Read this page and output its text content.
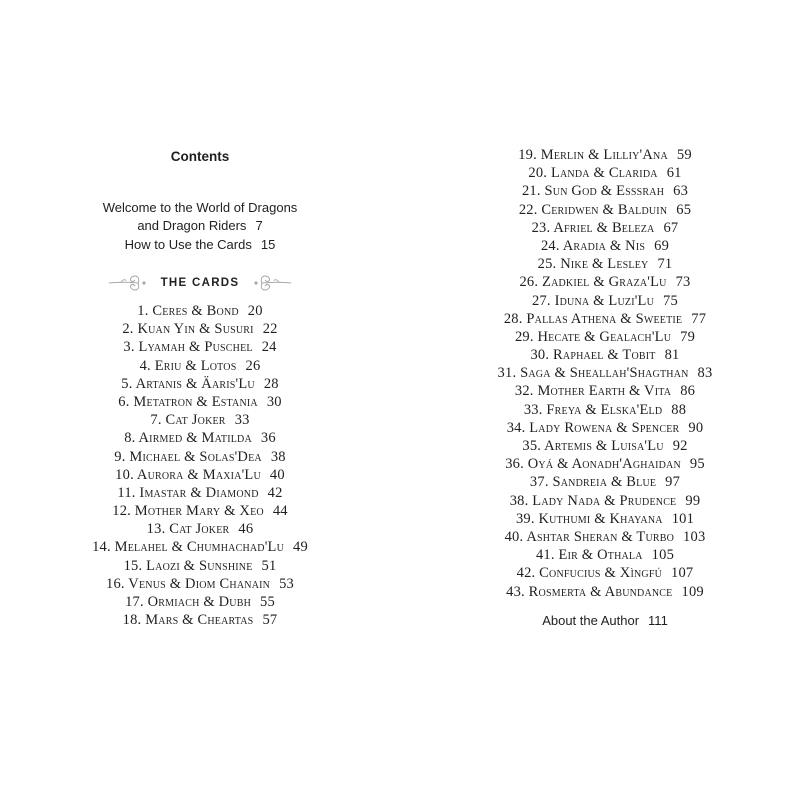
Contents
Welcome to the World of Dragons
and Dragon Riders 7
How to Use the Cards 15
THE CARDS
1. Ceres & Bond 20
2. Kuan Yin & Susuri 22
3. Lyamah & Puschel 24
4. Eriu & Lotos 26
5. Artanis & Äaris'Lu 28
6. Metatron & Estania 30
7. Cat Joker 33
8. Airmed & Matilda 36
9. Michael & Solas'Dea 38
10. Aurora & Maxia'Lu 40
11. Imastar & Diamond 42
12. Mother Mary & Xeo 44
13. Cat Joker 46
14. Melahel & Chumhachad'Lu 49
15. Laozi & Sunshine 51
16. Venus & Diom Chanain 53
17. Ormiach & Dubh 55
18. Mars & Cheartas 57
19. Merlin & Lilliy'Ana 59
20. Landa & Clarida 61
21. Sun God & Esssrah 63
22. Ceridwen & Balduin 65
23. Afriel & Beleza 67
24. Aradia & Nis 69
25. Nike & Lesley 71
26. Zadkiel & Graza'Lu 73
27. Iduna & Luzi'Lu 75
28. Pallas Athena & Sweetie 77
29. Hecate & Gealach'Lu 79
30. Raphael & Tobit 81
31. Saga & Sheallah'Shagthan 83
32. Mother Earth & Vita 86
33. Freya & Elska'Eld 88
34. Lady Rowena & Spencer 90
35. Artemis & Luisa'Lu 92
36. Oyá & Aonadh'Aghaidan 95
37. Sandreia & Blue 97
38. Lady Nada & Prudence 99
39. Kuthumi & Khayana 101
40. Ashtar Sheran & Turbo 103
41. Eir & Othala 105
42. Confucius & Xìngfú 107
43. Rosmerta & Abundance 109
About the Author 111
